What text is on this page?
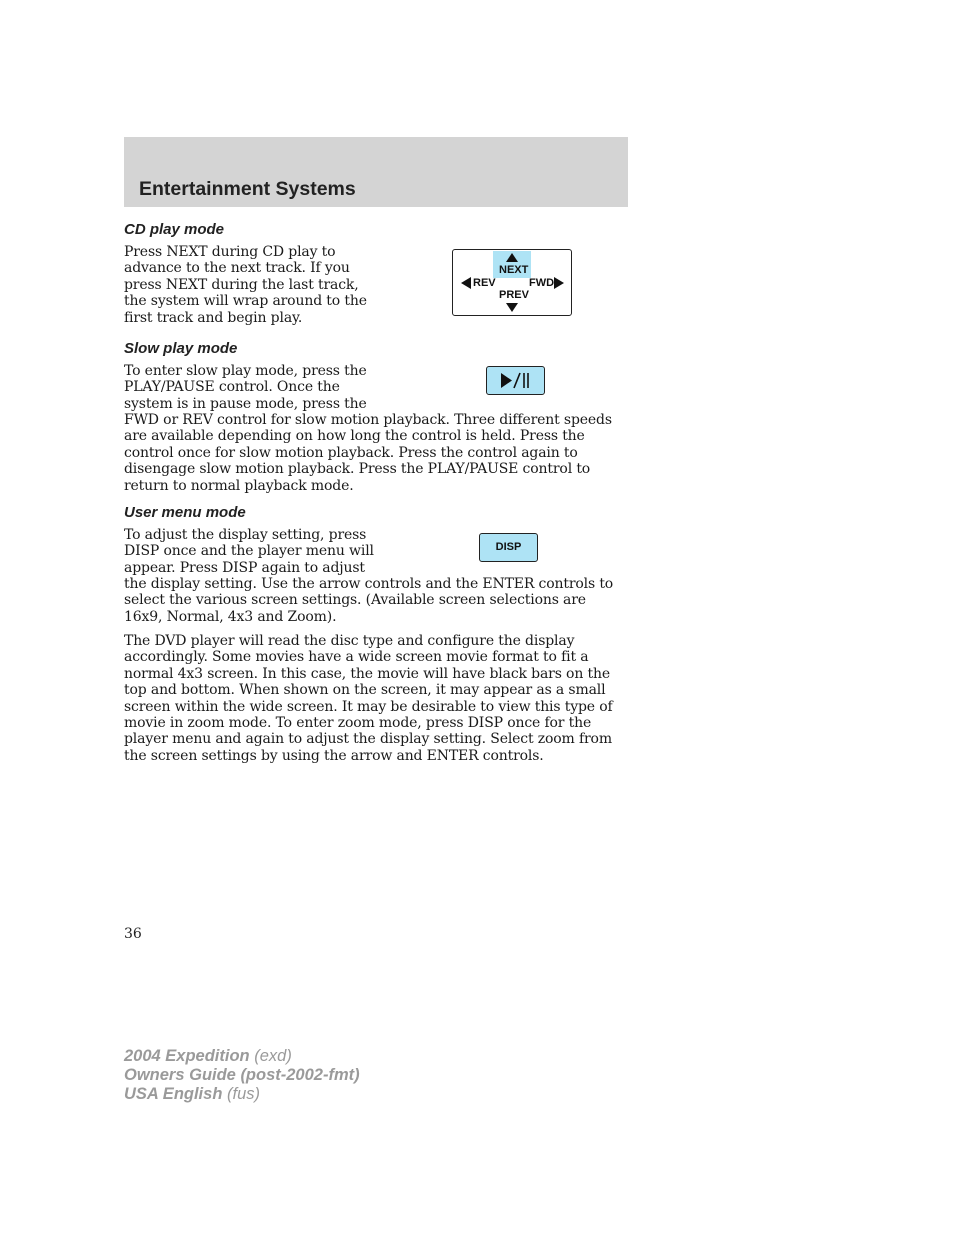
Entertainment Systems
CD play mode

Press NEXT during CD play to advance to the next track. If you press NEXT during the last track, the system will wrap around to the first track and begin play.

NEXT
REV	FWD
PREV
Slow play mode

To enter slow play mode, press the PLAY/PAUSE control. Once the system is in pause mode, press the

FWD or REV control for slow motion playback. Three different speeds are available depending on how long the control is held. Press the control once for slow motion playback. Press the control again to disengage slow motion playback. Press the PLAY/PAUSE control to return to normal playback mode.

User menu mode

To adjust the display setting, press DISP once and the player menu will appear. Press DISP again to adjust

the display setting. Use the arrow controls and the ENTER controls to select the various screen settings. (Available screen selections are 16x9, Normal, 4x3 and Zoom).

The DVD player will read the disc type and configure the display accordingly. Some movies have a wide screen movie format to fit a normal 4x3 screen. In this case, the movie will have black bars on the top and bottom. When shown on the screen, it may appear as a small screen within the wide screen. It may be desirable to view this type of movie in zoom mode. To enter zoom mode, press DISP once for the player menu and again to adjust the display setting. Select zoom from the screen settings by using the arrow and ENTER controls.

DISP
36
2004 Expedition (exd)
Owners Guide (post-2002-fmt)
USA English (fus)
